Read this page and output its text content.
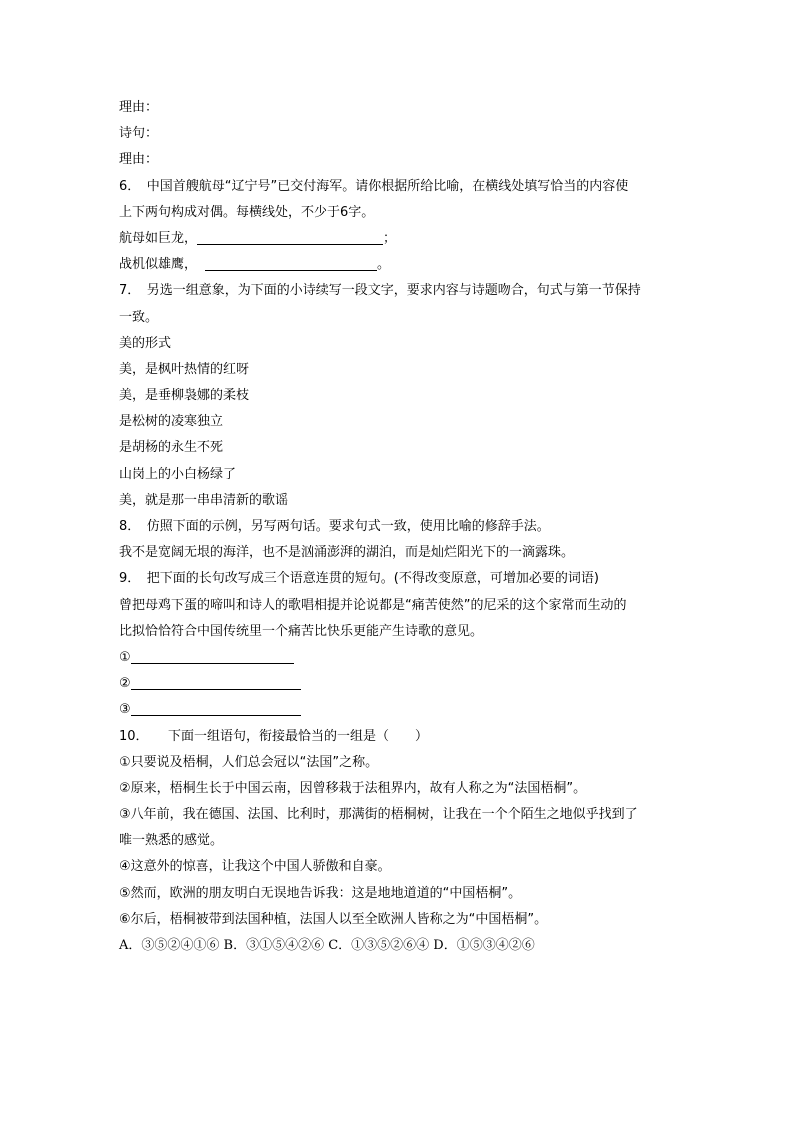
理由：
诗句：
理由：
6．　中国首艘航母“辽宁号”已交付海军。请你根据所给比喻，在横线处填写恰当的内容使
上下两句构成对偶。每横线处，不少于6字。
航母如巨龙，	；
战机似雄鹰，	。
7．　另选一组意象，为下面的小诗续写一段文字，要求内容与诗题吻合，句式与第一节保持
一致。
美的形式
美，是枫叶热情的红呀
美，是垂柳袅娜的柔枝
是松树的凌寒独立
是胡杨的永生不死
山岗上的小白杨绿了
美，就是那一串串清新的歌谣
8．　仿照下面的示例，另写两句话。要求句式一致，使用比喻的修辞手法。
我不是宽阔无垠的海洋，也不是汹涌澎湃的湖泊，而是灿烂阳光下的一滴露珠。
9．　把下面的长句改写成三个语意连贯的短句。(不得改变原意，可增加必要的词语)
曾把母鸡下蛋的啼叫和诗人的歌唱相提并论说都是“痛苦使然”的尼采的这个家常而生动的
比拟恰恰符合中国传统里一个痛苦比快乐更能产生诗歌的意见。
①
②
③
10．　　下面一组语句，衔接最恰当的一组是（　　）
①只要说及梧桐，人们总会冠以“法国”之称。
②原来，梧桐生长于中国云南，因曾移栽于法租界内，故有人称之为“法国梧桐”。
③八年前，我在德国、法国、比利时，那满街的梧桐树，让我在一个个陌生之地似乎找到了
唯一熟悉的感觉。
④这意外的惊喜，让我这个中国人骄傲和自豪。
⑤然而，欧洲的朋友明白无误地告诉我：这是地地道道的“中国梧桐”。
⑥尔后，梧桐被带到法国种植，法国人以至全欧洲人皆称之为“中国梧桐”。
A．③⑤②④①⑥ B．③①⑤④②⑥ C．①③⑤②⑥④ D．①⑤③④②⑥
